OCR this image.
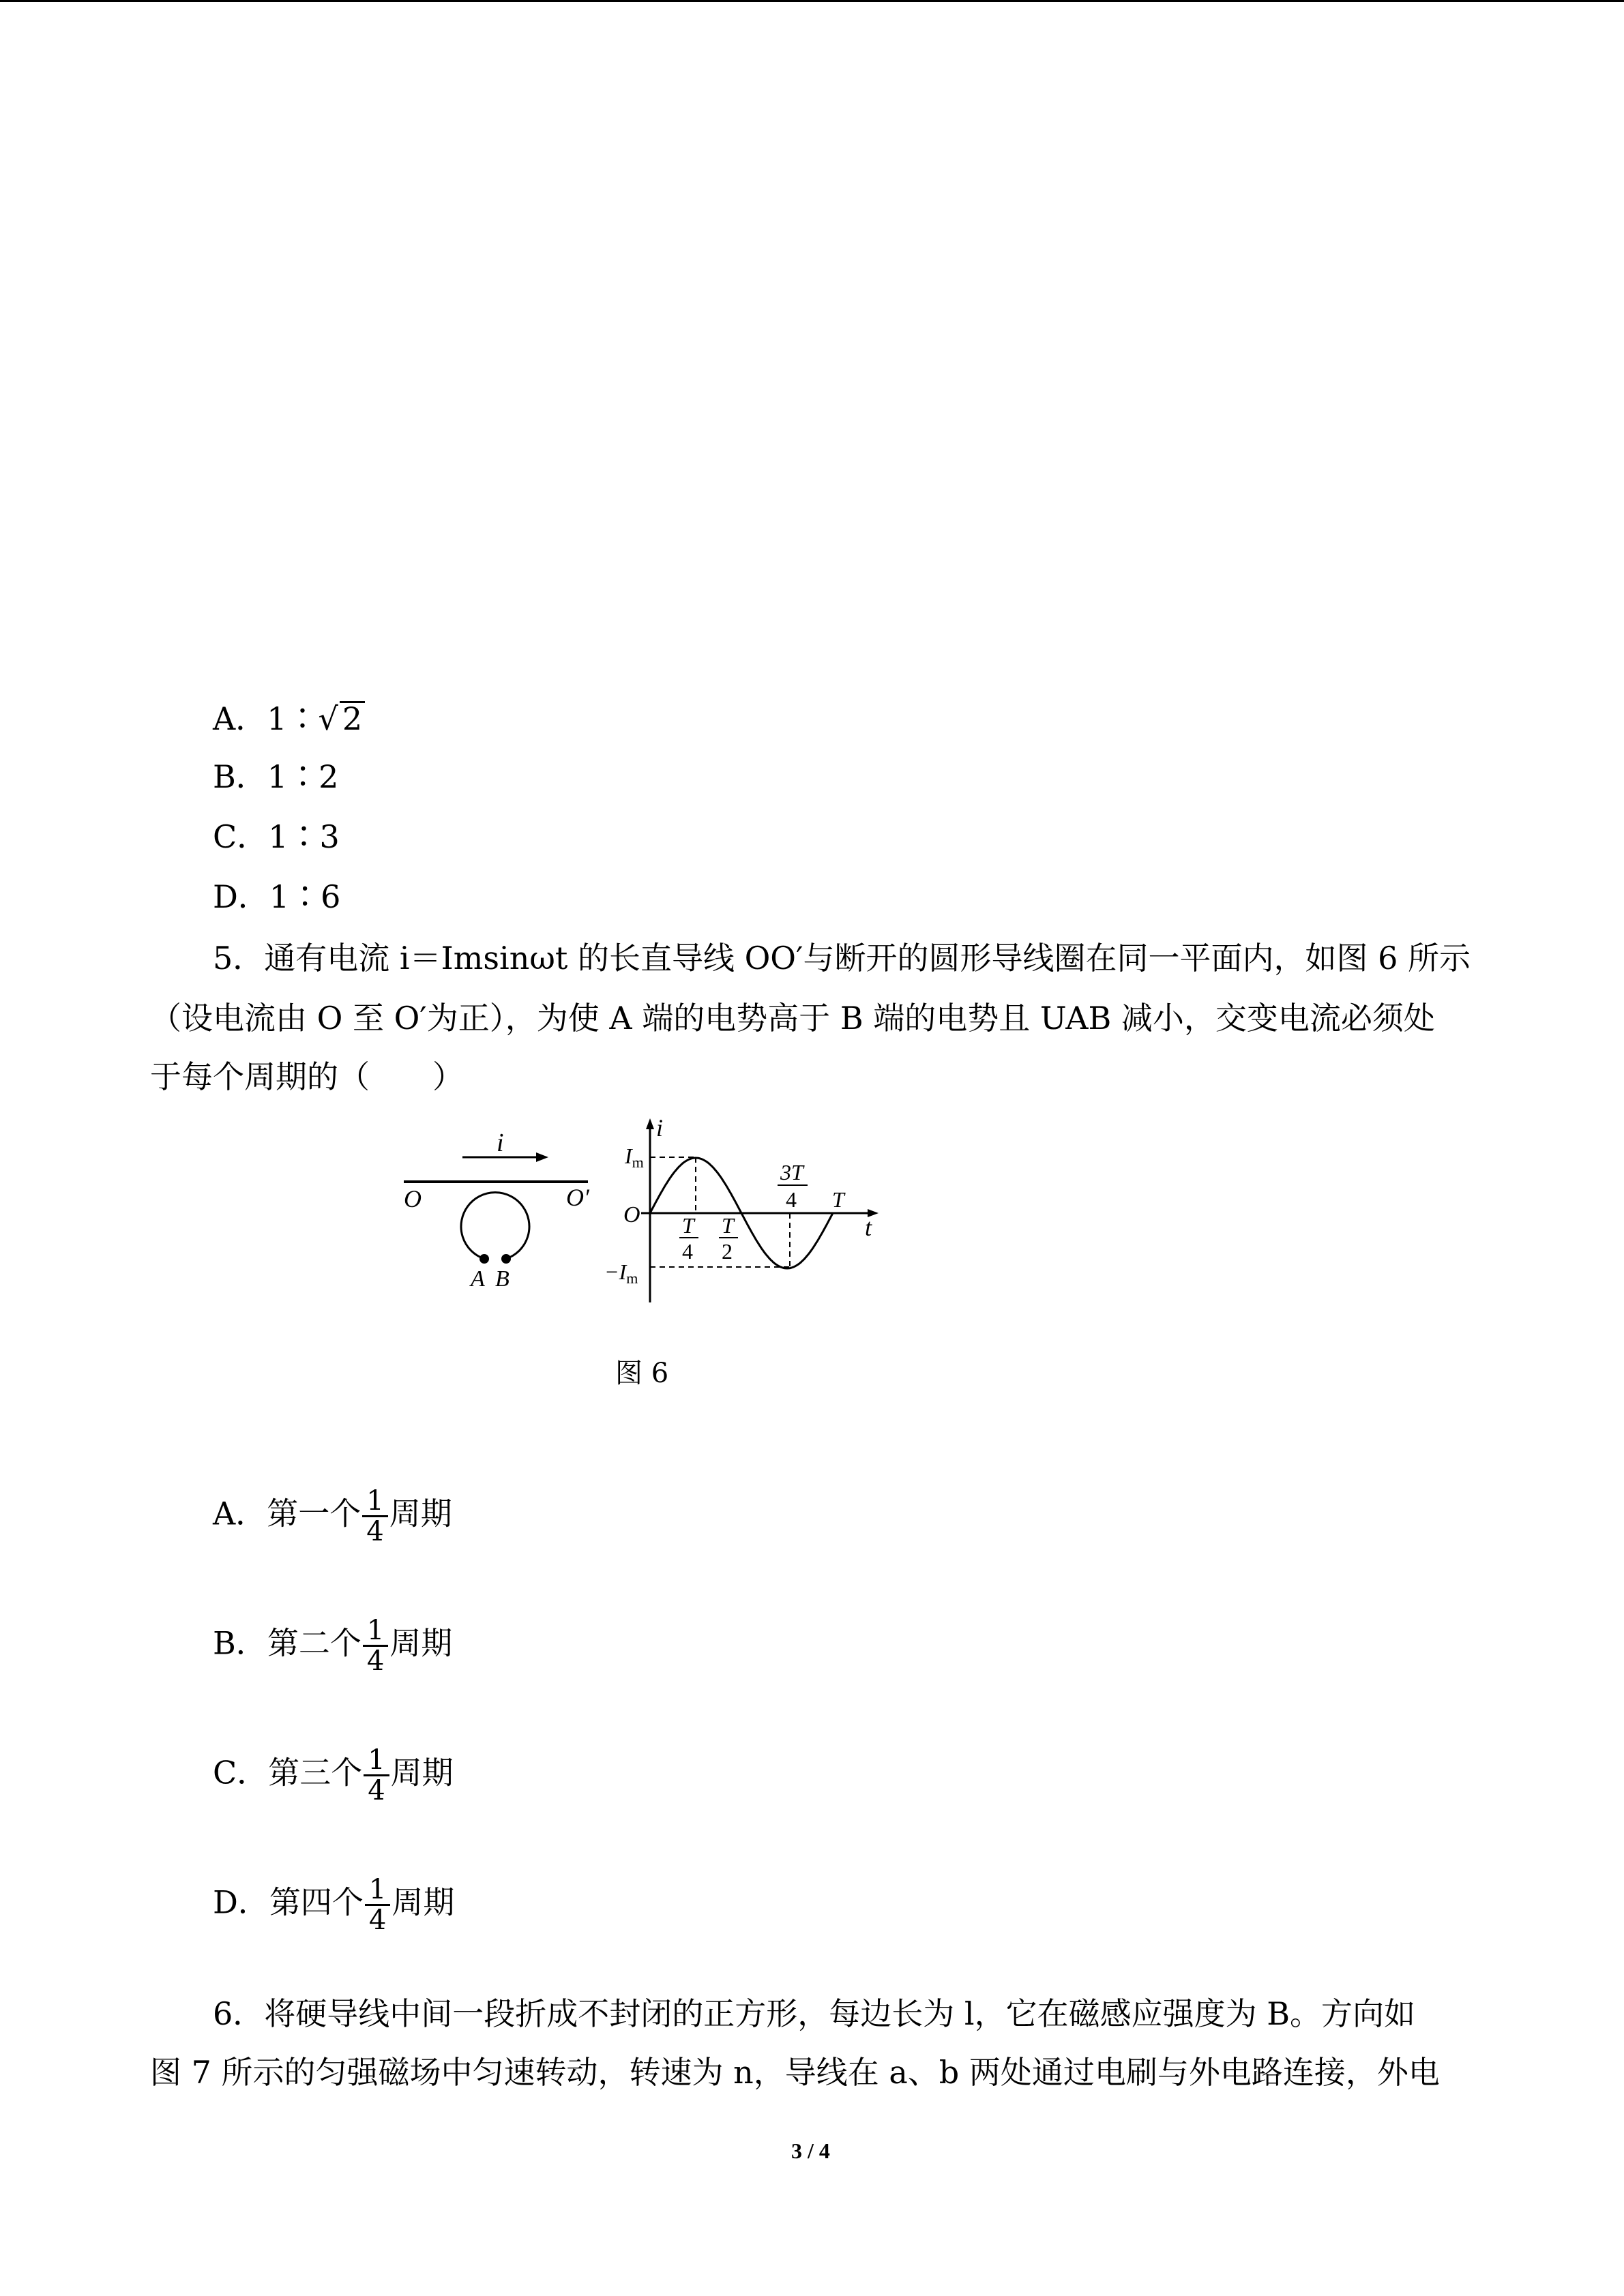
A．1∶√ 2
B．1∶2
C．1∶3
D．1∶6
5．通有电流 i＝Imsinωt 的长直导线 OO′与断开的圆形导线圈在同一平面内，如图 6 所示
（设电流由 O 至 O′为正），为使 A 端的电势高于 B 端的电势且 UAB 减小，交变电流必须处
于每个周期的（　　）
i
O	O′
A B
i
t
O
Im
−Im
T
4
T
2
3T
4 T
图 6
A．第一个 $\frac{1}{4}$ 周期
B．第二个 $\frac{1}{4}$ 周期
C．第三个 $\frac{1}{4}$ 周期
D．第四个 $\frac{1}{4}$ 周期
6．将硬导线中间一段折成不封闭的正方形，每边长为 l，它在磁感应强度为 B。方向如
图 7 所示的匀强磁场中匀速转动，转速为 n，导线在 a、b 两处通过电刷与外电路连接，外电
3 / 4
